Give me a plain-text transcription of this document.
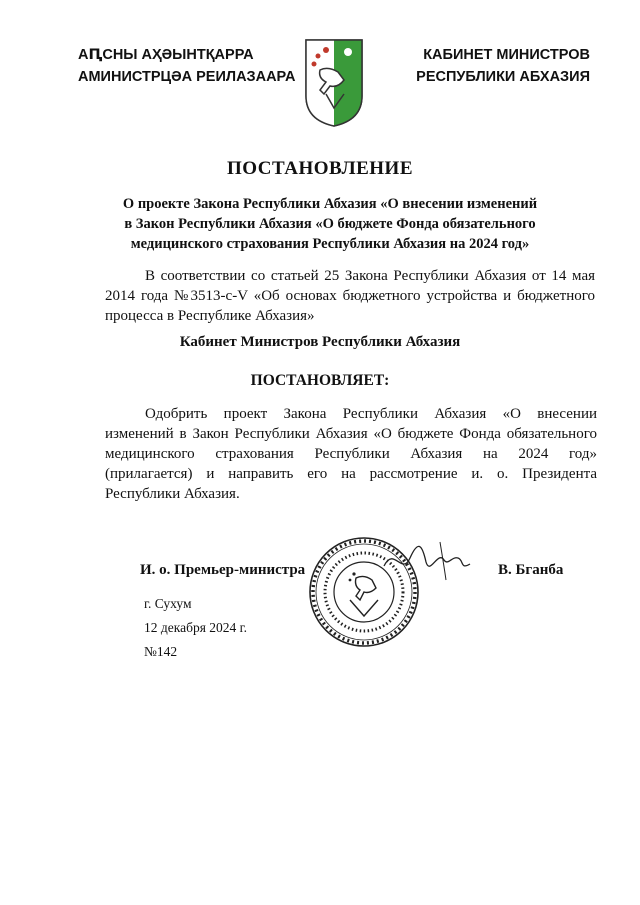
АԤСНЫ АҲӘЫНТҚАРРА
АМИНИСТРЦӘА РЕИЛАЗААРА
КАБИНЕТ МИНИСТРОВ
РЕСПУБЛИКИ АБХАЗИЯ
ПОСТАНОВЛЕНИЕ
О проекте Закона Республики Абхазия «О внесении изменений
в Закон Республики Абхазия «О бюджете Фонда обязательного
медицинского страхования Республики Абхазия на 2024 год»
В соответствии со статьей 25 Закона Республики Абхазия от 14 мая
2014 года №3513-с-V «Об основах бюджетного устройства и бюджетного
процесса в Республике Абхазия»
Кабинет Министров Республики Абхазия
ПОСТАНОВЛЯЕТ:
Одобрить проект Закона Республики Абхазия «О внесении
изменений в Закон Республики Абхазия «О бюджете Фонда обязательного
медицинского страхования Республики Абхазия на 2024 год»
(прилагается) и направить его на рассмотрение и. о. Президента
Республики Абхазия.
И. о. Премьер-министра	В. Бганба
г. Сухум
12 декабря 2024 г.
№142
